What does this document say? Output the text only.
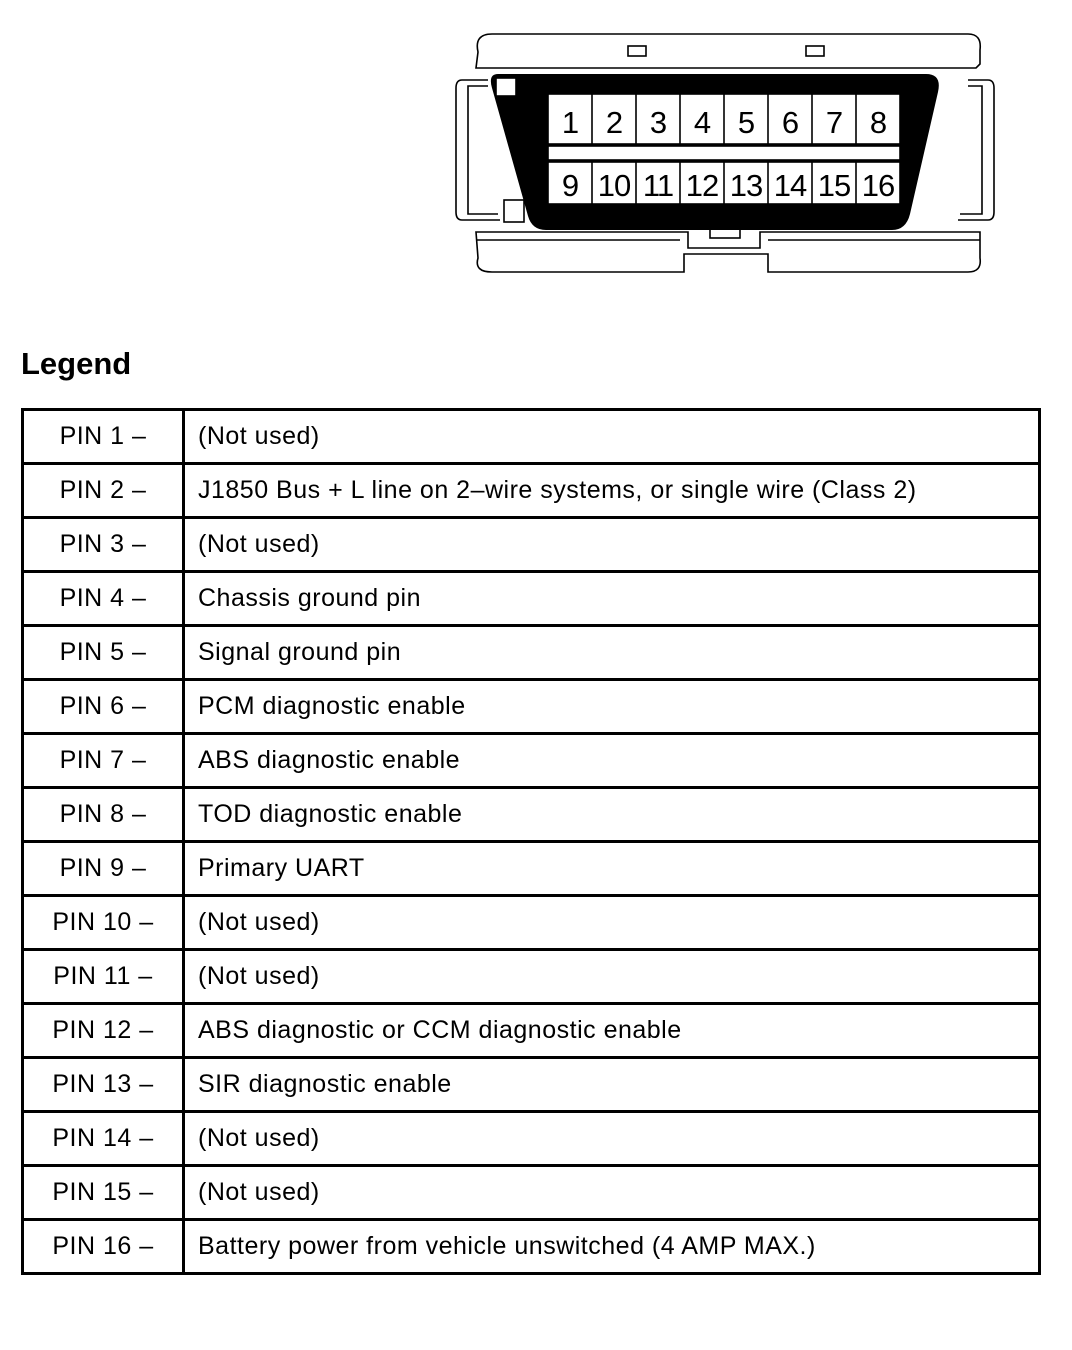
1 2 3 4 5 6 7 8
9 10 11 12 13 14 15 16
Legend
PIN 1 –	(Not used)
PIN 2 –	J1850 Bus + L line on 2–wire systems, or single wire (Class 2)
PIN 3 –	(Not used)
PIN 4 –	Chassis ground pin
PIN 5 –	Signal ground pin
PIN 6 –	PCM diagnostic enable
PIN 7 –	ABS diagnostic enable
PIN 8 –	TOD diagnostic enable
PIN 9 –	Primary UART
PIN 10 –	(Not used)
PIN 11 –	(Not used)
PIN 12 –	ABS diagnostic or CCM diagnostic enable
PIN 13 –	SIR diagnostic enable
PIN 14 –	(Not used)
PIN 15 –	(Not used)
PIN 16 –	Battery power from vehicle unswitched (4 AMP MAX.)
